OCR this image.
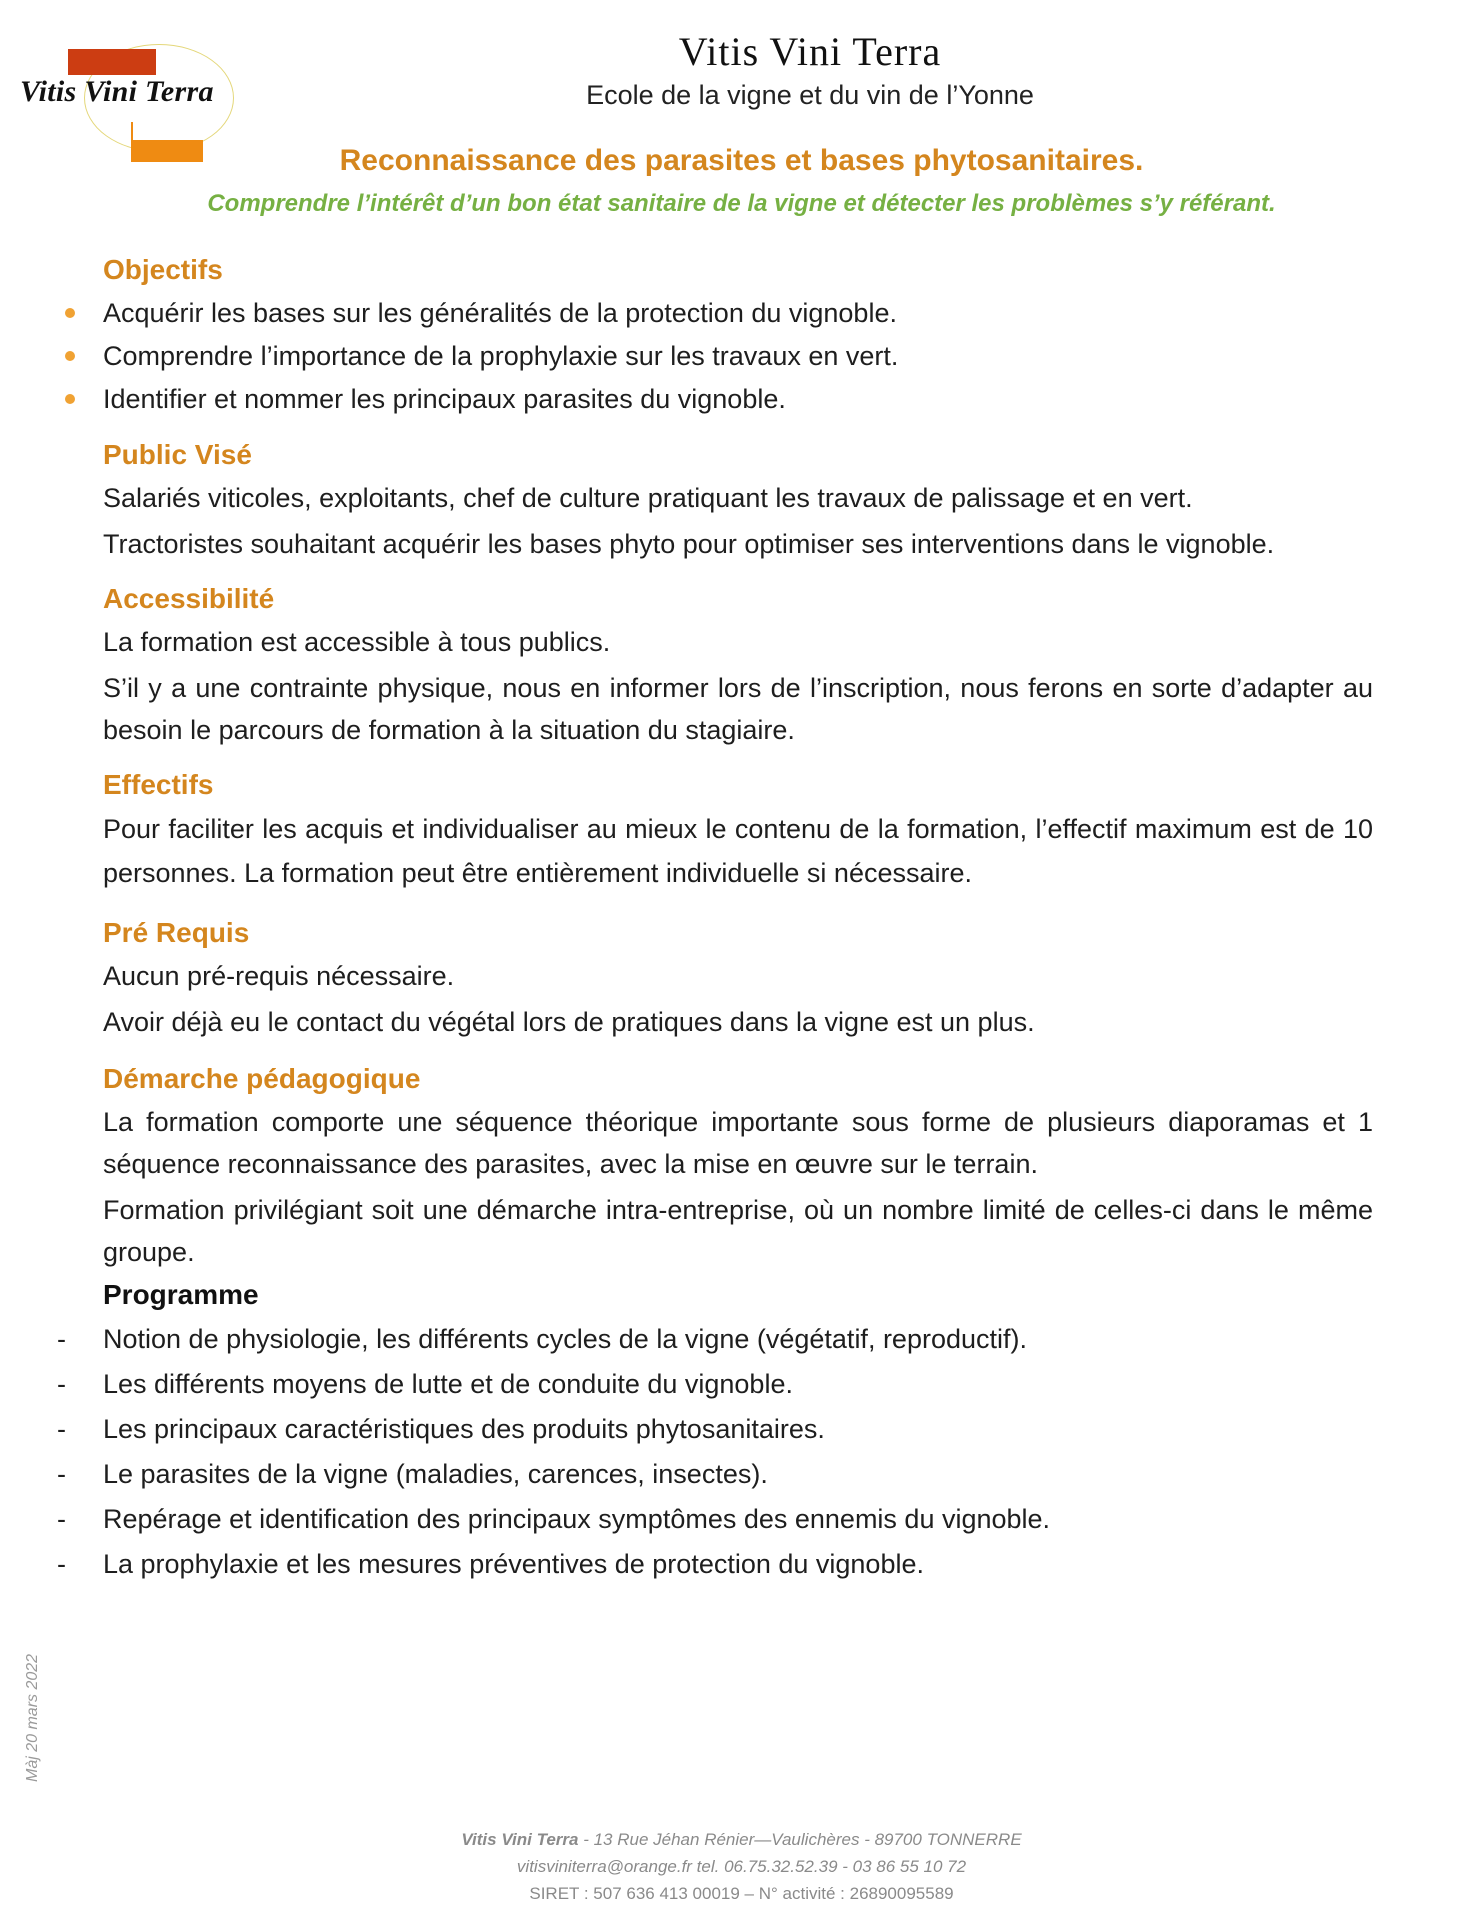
Vitis Vini Terra
Vitis Vini Terra
Ecole de la vigne et du vin de l’Yonne
Reconnaissance des parasites et bases phytosanitaires.
Comprendre l’intérêt d’un bon état sanitaire de la vigne et détecter les problèmes s’y référant.
Objectifs
Acquérir les bases sur les généralités de la protection du vignoble.
Comprendre l’importance de la prophylaxie sur les travaux en vert.
Identifier et nommer les principaux parasites du vignoble.
Public Visé

Salariés viticoles, exploitants, chef de culture pratiquant les travaux de palissage et en vert.

Tractoristes souhaitant acquérir les bases phyto pour optimiser ses interventions dans le vignoble.

Accessibilité

La formation est accessible à tous publics.

S’il y a une contrainte physique, nous en informer lors de l’inscription, nous ferons en sorte d’adapter au besoin le parcours de formation à la situation du stagiaire.

Effectifs

Pour faciliter les acquis et individualiser au mieux le contenu de la formation, l’effectif maximum est de 10 personnes. La formation peut être entièrement individuelle si nécessaire.

Pré Requis

Aucun pré-requis nécessaire.

Avoir déjà eu le contact du végétal lors de pratiques dans la vigne est un plus.

Démarche pédagogique

La formation comporte une séquence théorique importante sous forme de plusieurs diaporamas et 1 séquence reconnaissance des parasites, avec la mise en œuvre sur le terrain.

Formation privilégiant soit une démarche intra-entreprise, où un nombre limité de celles-ci dans le même groupe.

Programme
- Notion de physiologie, les différents cycles de la vigne (végétatif, reproductif).
- Les différents moyens de lutte et de conduite du vignoble.
- Les principaux caractéristiques des produits phytosanitaires.
- Le parasites de la vigne (maladies, carences, insectes).
- Repérage et identification des principaux symptômes des ennemis du vignoble.
- La prophylaxie et les mesures préventives de protection du vignoble.
Màj 20 mars 2022
Vitis Vini Terra - 13 Rue Jéhan Rénier—Vaulichères - 89700 TONNERRE
vitisviniterra@orange.fr tel. 06.75.32.52.39 - 03 86 55 10 72
SIRET : 507 636 413 00019 – N° activité : 26890095589
